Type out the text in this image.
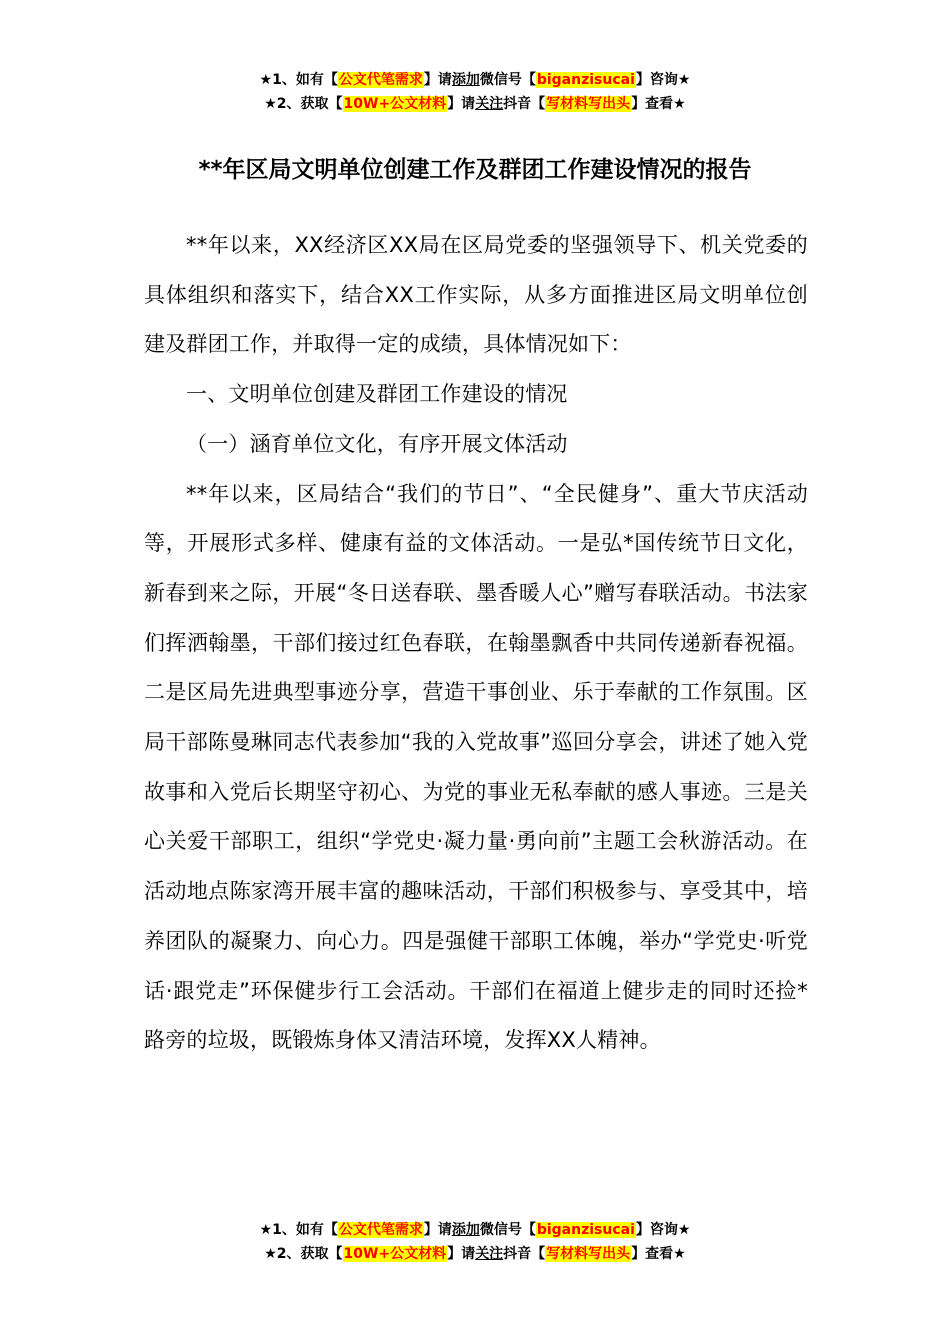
★1、如有【公文代笔需求】请添加微信号【biganzisucai】咨询★
★2、获取【10W+公文材料】请关注抖音【写材料写出头】查看★
**年区局文明单位创建工作及群团工作建设情况的报告

**年以来，XX经济区XX局在区局党委的坚强领导下、机关党委的具体组织和落实下，结合XX工作实际，从多方面推进区局文明单位创建及群团工作，并取得一定的成绩，具体情况如下：

一、文明单位创建及群团工作建设的情况

（一）涵育单位文化，有序开展文体活动

**年以来，区局结合“我们的节日”、“全民健身”、重大节庆活动等，开展形式多样、健康有益的文体活动。一是弘*国传统节日文化，新春到来之际，开展“冬日送春联、墨香暖人心”赠写春联活动。书法家们挥洒翰墨，干部们接过红色春联，在翰墨飘香中共同传递新春祝福。二是区局先进典型事迹分享，营造干事创业、乐于奉献的工作氛围。区局干部陈曼琳同志代表参加“我的入党故事”巡回分享会，讲述了她入党故事和入党后长期坚守初心、为党的事业无私奉献的感人事迹。三是关心关爱干部职工，组织“学党史·凝力量·勇向前”主题工会秋游活动。在活动地点陈家湾开展丰富的趣味活动，干部们积极参与、享受其中，培养团队的凝聚力、向心力。四是强健干部职工体魄，举办“学党史·听党话·跟党走”环保健步行工会活动。干部们在福道上健步走的同时还捡*路旁的垃圾，既锻炼身体又清洁环境，发挥XX人精神。

★1、如有【公文代笔需求】请添加微信号【biganzisucai】咨询★
★2、获取【10W+公文材料】请关注抖音【写材料写出头】查看★
